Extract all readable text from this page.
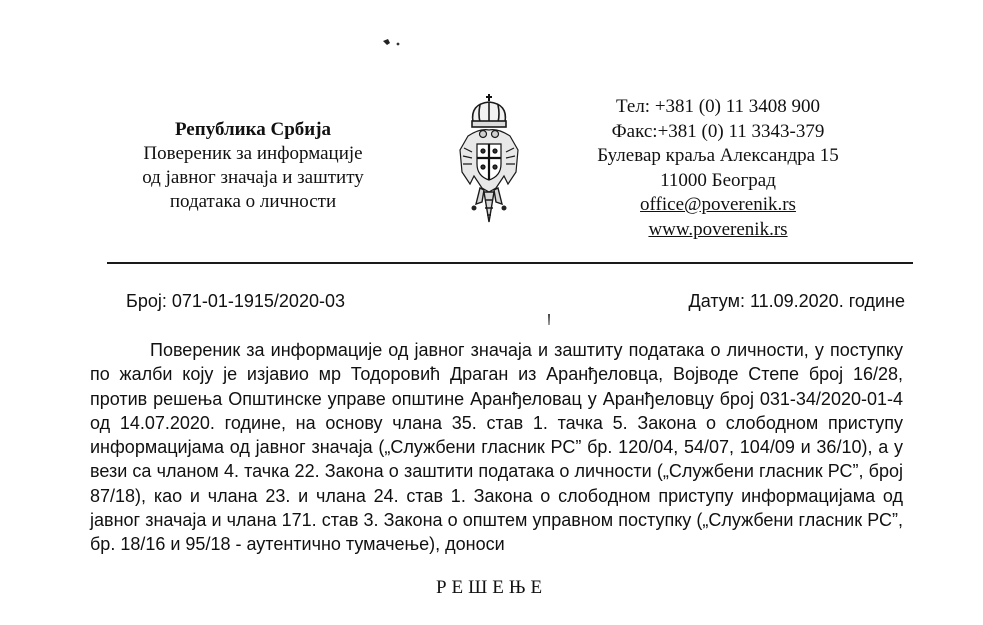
Република Србија
Повереник за информације
од јавног значаја и заштиту
података о личности
Тел: +381 (0) 11 3408 900
Факс:+381 (0) 11 3343-379
Булевар краља Александра 15
11000 Београд
office@poverenik.rs
www.poverenik.rs
Број: 071-01-1915/2020-03	Датум: 11.09.2020. године

Повереник за информације од јавног значаја и заштиту података о личности, у поступку по жалби коју је изјавио мр Тодоровић Драган из Аранђеловца, Војводе Степе број 16/28, против решења Општинске управе општине Аранђеловац у Аранђеловцу број 031-34/2020-01-4 од 14.07.2020. године, на основу члана 35. став 1. тачка 5. Закона о слободном приступу информацијама од јавног значаја („Службени гласник РС” бр. 120/04, 54/07, 104/09 и 36/10), а у вези са чланом 4. тачка 22. Закона о заштити података о личности („Службени гласник РС”, број 87/18), као и члана 23. и члана 24. став 1. Закона о слободном приступу информацијама од јавног значаја и члана 171. став 3. Закона о општем управном поступку („Службени гласник РС”, бр. 18/16 и 95/18 - аутентично тумачење), доноси

РЕШЕЊЕ
